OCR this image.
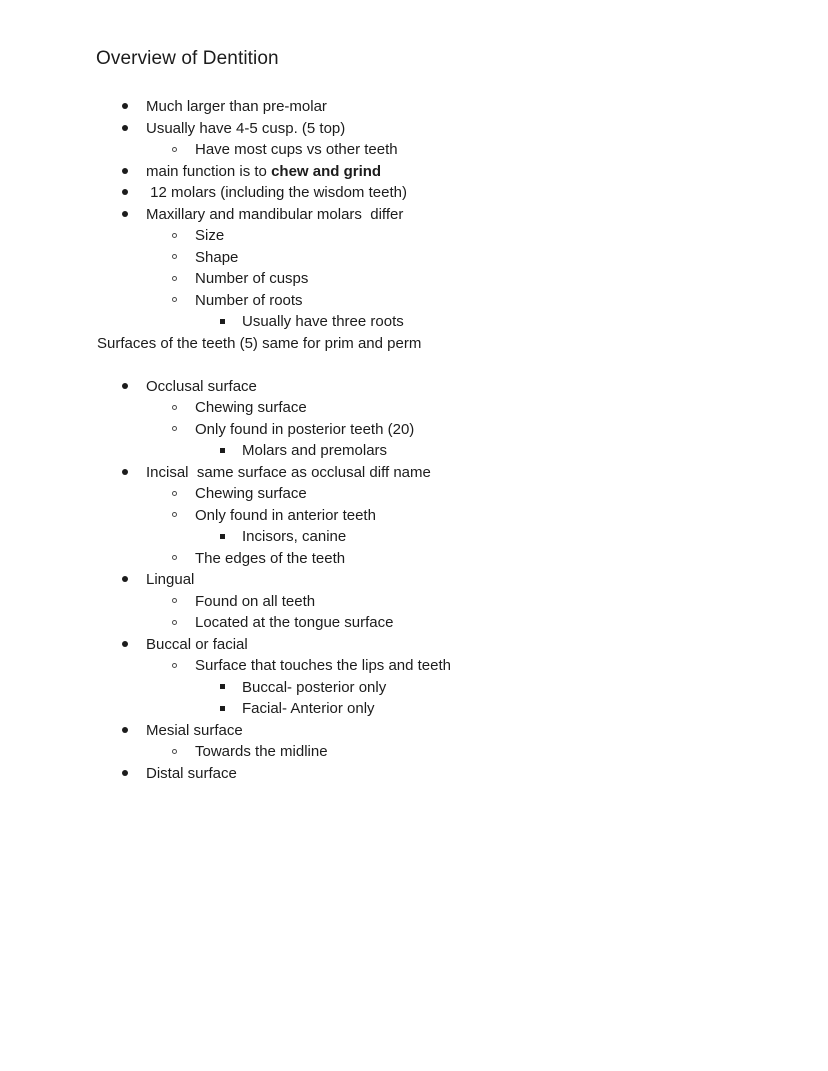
Overview of Dentition
Much larger than pre-molar
Usually have 4-5 cusp. (5 top)
Have most cups vs other teeth
main function is to chew and grind
12 molars (including the wisdom teeth)
Maxillary and mandibular molars  differ
Size
Shape
Number of cusps
Number of roots
Usually have three roots
Surfaces of the teeth (5) same for prim and perm
Occlusal surface
Chewing surface
Only found in posterior teeth (20)
Molars and premolars
Incisal  same surface as occlusal diff name
Chewing surface
Only found in anterior teeth
Incisors, canine
The edges of the teeth
Lingual
Found on all teeth
Located at the tongue surface
Buccal or facial
Surface that touches the lips and teeth
Buccal- posterior only
Facial- Anterior only
Mesial surface
Towards the midline
Distal surface
